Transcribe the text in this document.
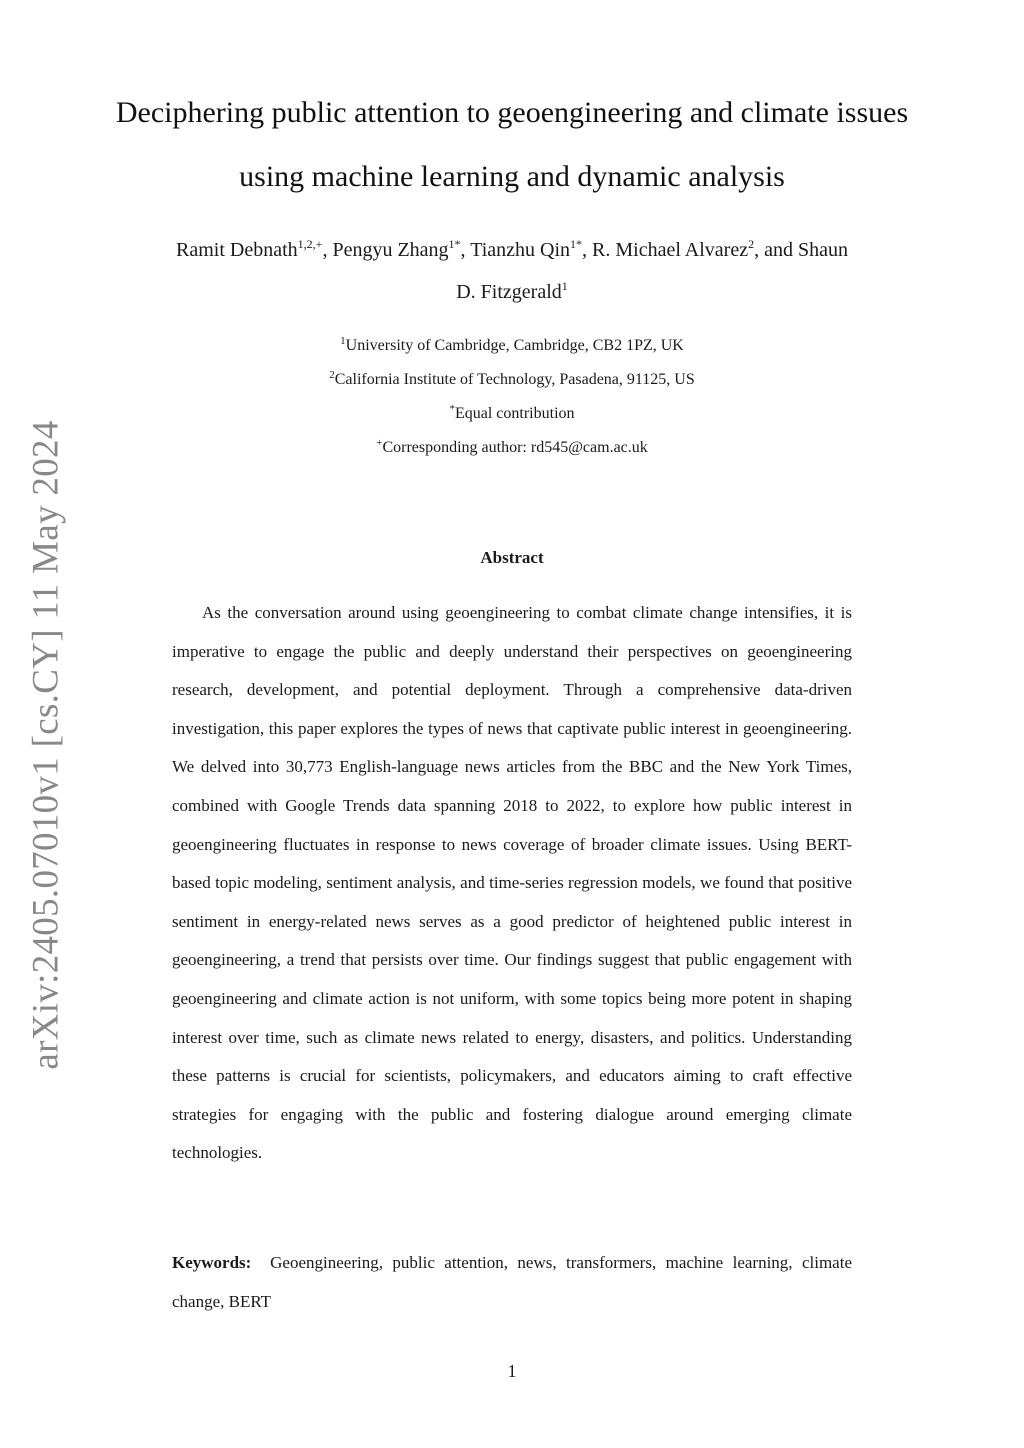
arXiv:2405.07010v1 [cs.CY] 11 May 2024
Deciphering public attention to geoengineering and climate issues
using machine learning and dynamic analysis
Ramit Debnath$^{1,2,+}$, Pengyu Zhang$^{1*}$, Tianzhu Qin$^{1*}$, R. Michael Alvarez$^2$, and Shaun
D. Fitzgerald$^1$
$^1$University of Cambridge, Cambridge, CB2 1PZ, UK
$^2$California Institute of Technology, Pasadena, 91125, US
*Equal contribution
+Corresponding author: rd545@cam.ac.uk
Abstract

As the conversation around using geoengineering to combat climate change intensifies, it is imperative to engage the public and deeply understand their perspectives on geoengineering research, development, and potential deployment. Through a comprehensive data-driven investigation, this paper explores the types of news that captivate public interest in geoengineering. We delved into 30,773 English-language news articles from the BBC and the New York Times, combined with Google Trends data spanning 2018 to 2022, to explore how public interest in geoengineering fluctuates in response to news coverage of broader climate issues. Using BERT-based topic modeling, sentiment analysis, and time-series regression models, we found that positive sentiment in energy-related news serves as a good predictor of heightened public interest in geoengineering, a trend that persists over time. Our findings suggest that public engagement with geoengineering and climate action is not uniform, with some topics being more potent in shaping interest over time, such as climate news related to energy, disasters, and politics. Understanding these patterns is crucial for scientists, policymakers, and educators aiming to craft effective strategies for engaging with the public and fostering dialogue around emerging climate technologies.

Keywords: Geoengineering, public attention, news, transformers, machine learning, climate change, BERT

1
